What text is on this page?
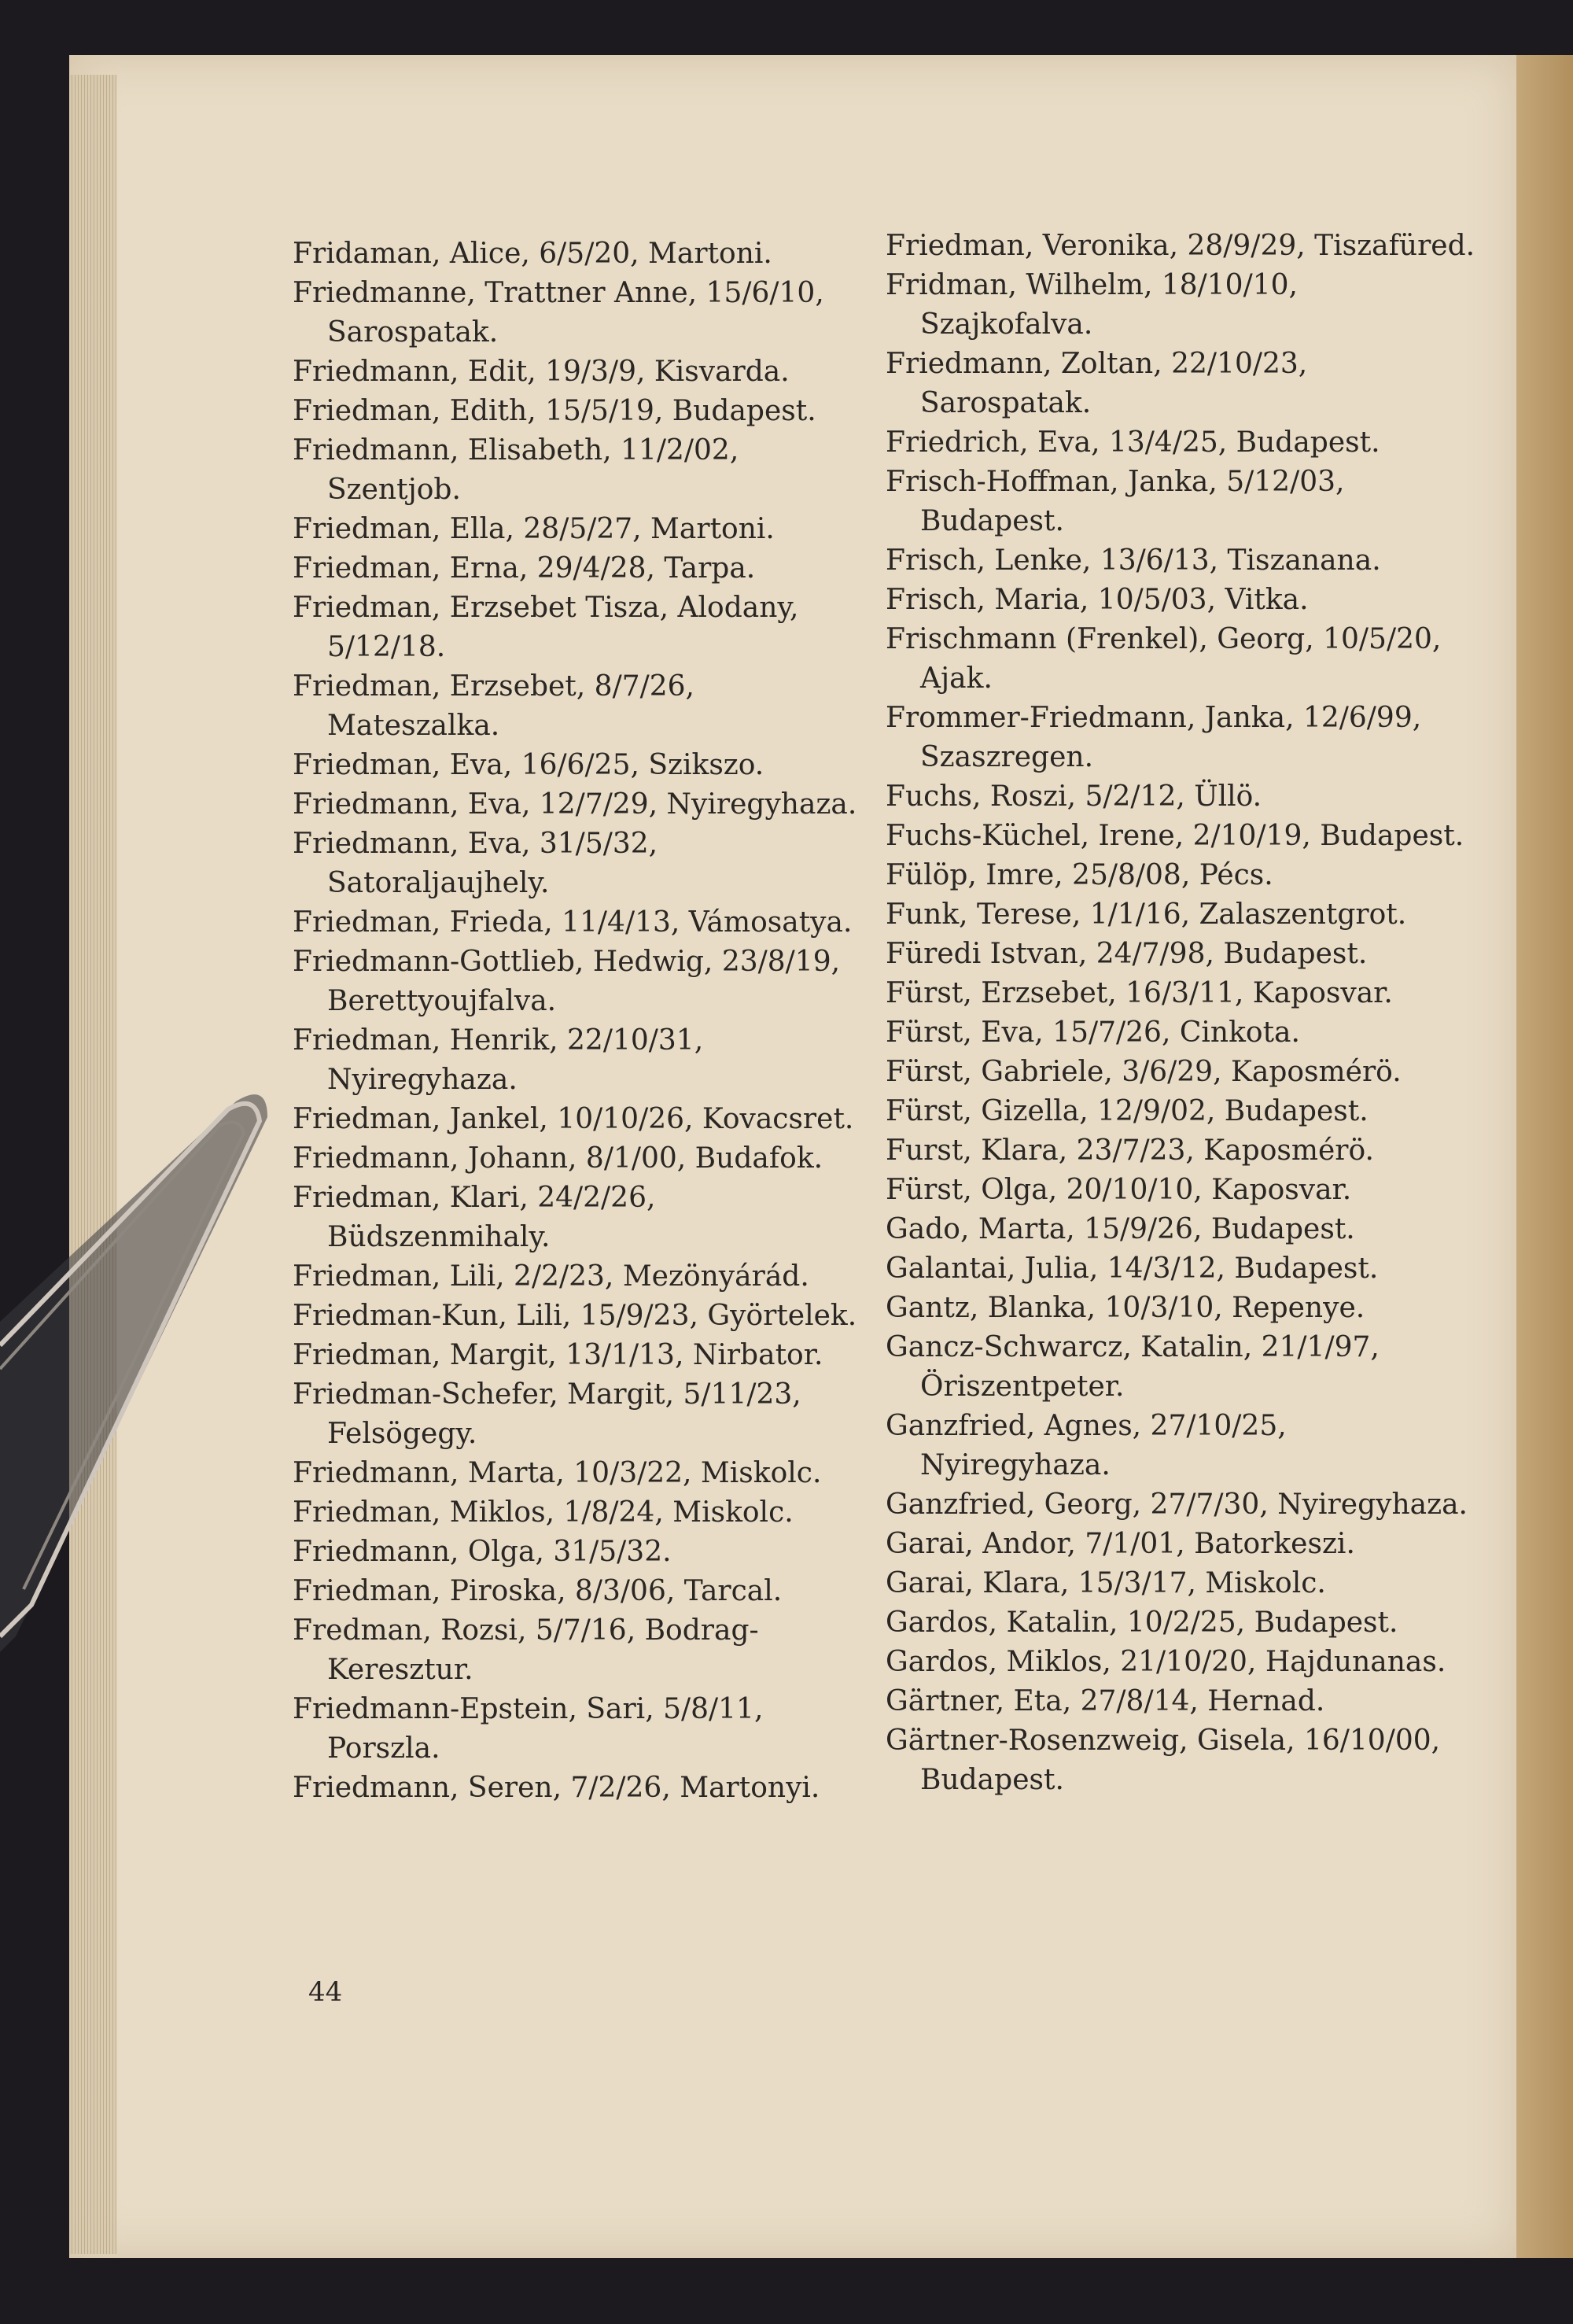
Fridaman, Alice, 6/5/20, Martoni.

Friedmanne, Trattner Anne, 15/6/10, Sarospatak.

Friedmann, Edit, 19/3/9, Kisvarda.

Friedman, Edith, 15/5/19, Budapest.

Friedmann, Elisabeth, 11/2/02, Szentjob.

Friedman, Ella, 28/5/27, Martoni.

Friedman, Erna, 29/4/28, Tarpa.

Friedman, Erzsebet Tisza, Alodany, 5/12/18.

Friedman, Erzsebet, 8/7/26, Mateszalka.

Friedman, Eva, 16/6/25, Szikszo.

Friedmann, Eva, 12/7/29, Nyiregyhaza.

Friedmann, Eva, 31/5/32, Satoraljaujhely.

Friedman, Frieda, 11/4/13, Vámosatya.

Friedmann-Gottlieb, Hedwig, 23/8/19, Berettyoujfalva.

Friedman, Henrik, 22/10/31, Nyiregyhaza.

Friedman, Jankel, 10/10/26, Kovacsret.

Friedmann, Johann, 8/1/00, Budafok.

Friedman, Klari, 24/2/26, Büdszenmihaly.

Friedman, Lili, 2/2/23, Mezönyárád.

Friedman-Kun, Lili, 15/9/23, Györtelek.

Friedman, Margit, 13/1/13, Nirbator.

Friedman-Schefer, Margit, 5/11/23, Felsögegy.

Friedmann, Marta, 10/3/22, Miskolc.

Friedman, Miklos, 1/8/24, Miskolc.

Friedmann, Olga, 31/5/32.

Friedman, Piroska, 8/3/06, Tarcal.

Fredman, Rozsi, 5/7/16, Bodrag-Keresztur.

Friedmann-Epstein, Sari, 5/8/11, Porszla.

Friedmann, Seren, 7/2/26, Martonyi.

Friedman, Veronika, 28/9/29, Tiszafüred.

Fridman, Wilhelm, 18/10/10, Szajkofalva.

Friedmann, Zoltan, 22/10/23, Sarospatak.

Friedrich, Eva, 13/4/25, Budapest.

Frisch-Hoffman, Janka, 5/12/03, Budapest.

Frisch, Lenke, 13/6/13, Tiszanana.

Frisch, Maria, 10/5/03, Vitka.

Frischmann (Frenkel), Georg, 10/5/20, Ajak.

Frommer-Friedmann, Janka, 12/6/99, Szaszregen.

Fuchs, Roszi, 5/2/12, Üllö.

Fuchs-Küchel, Irene, 2/10/19, Budapest.

Fülöp, Imre, 25/8/08, Pécs.

Funk, Terese, 1/1/16, Zalaszentgrot.

Füredi Istvan, 24/7/98, Budapest.

Fürst, Erzsebet, 16/3/11, Kaposvar.

Fürst, Eva, 15/7/26, Cinkota.

Fürst, Gabriele, 3/6/29, Kaposmérö.

Fürst, Gizella, 12/9/02, Budapest.

Furst, Klara, 23/7/23, Kaposmérö.

Fürst, Olga, 20/10/10, Kaposvar.

Gado, Marta, 15/9/26, Budapest.

Galantai, Julia, 14/3/12, Budapest.

Gantz, Blanka, 10/3/10, Repenye.

Gancz-Schwarcz, Katalin, 21/1/97, Öriszentpeter.

Ganzfried, Agnes, 27/10/25, Nyiregyhaza.

Ganzfried, Georg, 27/7/30, Nyiregyhaza.

Garai, Andor, 7/1/01, Batorkeszi.

Garai, Klara, 15/3/17, Miskolc.

Gardos, Katalin, 10/2/25, Budapest.

Gardos, Miklos, 21/10/20, Hajdunanas.

Gärtner, Eta, 27/8/14, Hernad.

Gärtner-Rosenzweig, Gisela, 16/10/00, Budapest.

44
